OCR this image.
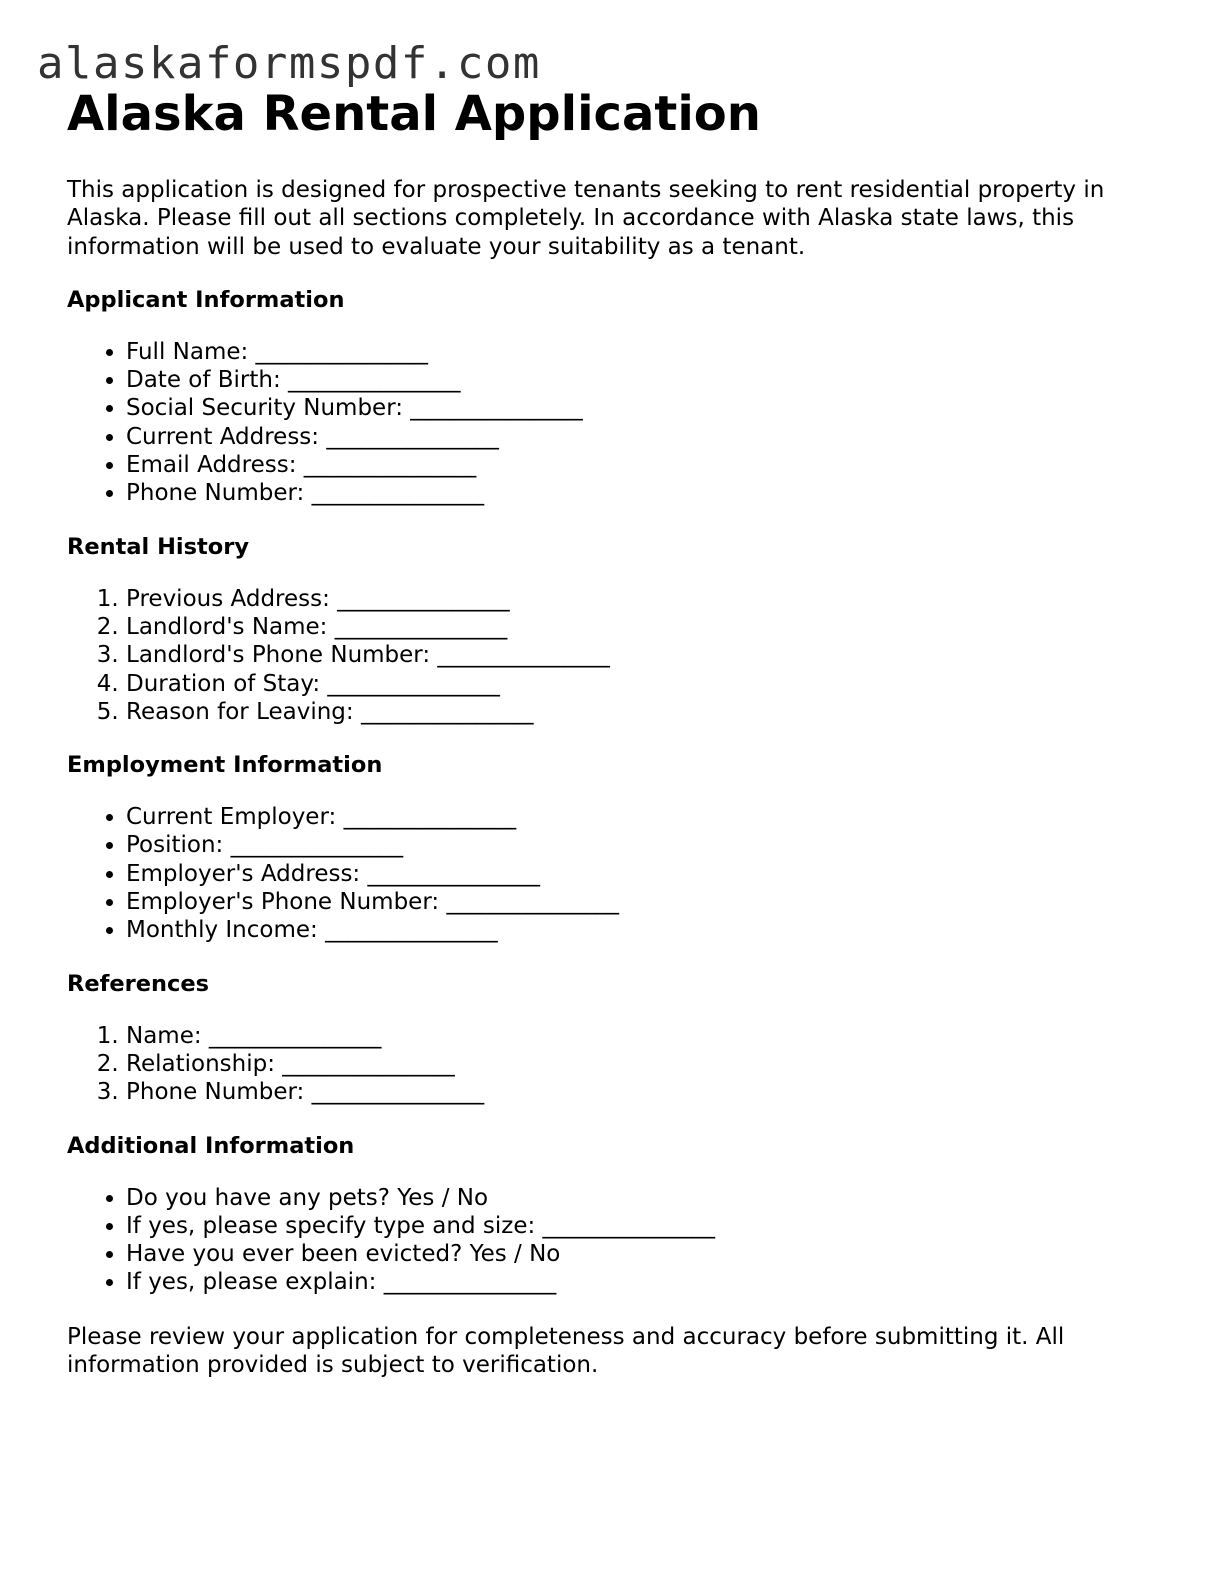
alaskaformspdf.com
Alaska Rental Application

This application is designed for prospective tenants seeking to rent residential property in Alaska. Please fill out all sections completely. In accordance with Alaska state laws, this information will be used to evaluate your suitability as a tenant.

Applicant Information
• Full Name: _______________
• Date of Birth: _______________
• Social Security Number: _______________
• Current Address: _______________
• Email Address: _______________
• Phone Number: _______________
Rental History
1. Previous Address: _______________
2. Landlord's Name: _______________
3. Landlord's Phone Number: _______________
4. Duration of Stay: _______________
5. Reason for Leaving: _______________
Employment Information
• Current Employer: _______________
• Position: _______________
• Employer's Address: _______________
• Employer's Phone Number: _______________
• Monthly Income: _______________
References
1. Name: _______________
2. Relationship: _______________
3. Phone Number: _______________
Additional Information
• Do you have any pets? Yes / No
• If yes, please specify type and size: _______________
• Have you ever been evicted? Yes / No
• If yes, please explain: _______________

Please review your application for completeness and accuracy before submitting it. All information provided is subject to verification.
